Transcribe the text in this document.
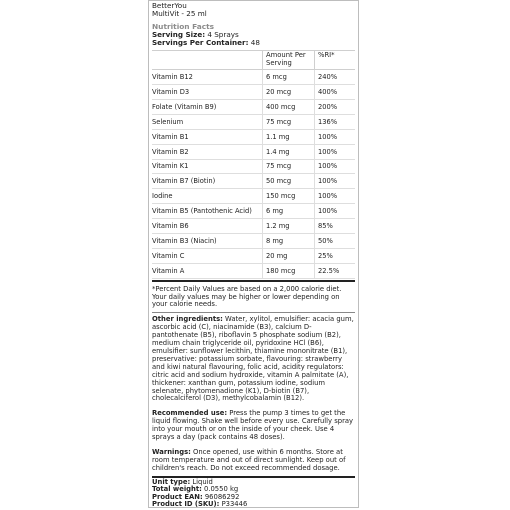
BetterYou
MultiVit - 25 ml
Nutrition Facts
Serving Size: 4 Sprays
Servings Per Container: 48
Amount Per Serving
%RI*
Vitamin B12	6 mcg	240%
Vitamin D3	20 mcg	400%
Folate (Vitamin B9)	400 mcg	200%
Selenium	75 mcg	136%
Vitamin B1	1.1 mg	100%
Vitamin B2	1.4 mg	100%
Vitamin K1	75 mcg	100%
Vitamin B7 (Biotin)	50 mcg	100%
Iodine	150 mcg	100%
Vitamin B5 (Pantothenic Acid)	6 mg	100%
Vitamin B6	1.2 mg	85%
Vitamin B3 (Niacin)	8 mg	50%
Vitamin C	20 mg	25%
Vitamin A	180 mcg	22.5%
*Percent Daily Values are based on a 2,000 calorie diet. Your daily values may be higher or lower depending on your calorie needs.
Other ingredients: Water, xylitol, emulsifier: acacia gum, ascorbic acid (C), niacinamide (B3), calcium D-pantothenate (B5), riboflavin 5 phosphate sodium (B2), medium chain triglyceride oil, pyridoxine HCl (B6), emulsifier: sunflower lecithin, thiamine mononitrate (B1), preservative: potassium sorbate, flavouring: strawberry and kiwi natural flavouring, folic acid, acidity regulators: citric acid and sodium hydroxide, vitamin A palmitate (A), thickener: xanthan gum, potassium iodine, sodium selenate, phytomenadione (K1), D-biotin (B7), cholecalciferol (D3), methylcobalamin (B12).
Recommended use: Press the pump 3 times to get the liquid flowing. Shake well before every use. Carefully spray into your mouth or on the inside of your cheek. Use 4 sprays a day (pack contains 48 doses).
Warnings: Once opened, use within 6 months. Store at room temperature and out of direct sunlight. Keep out of children's reach. Do not exceed recommended dosage.
Unit type: Liquid
Total weight: 0.0550 kg
Product EAN: 96086292
Product ID (SKU): P33446
